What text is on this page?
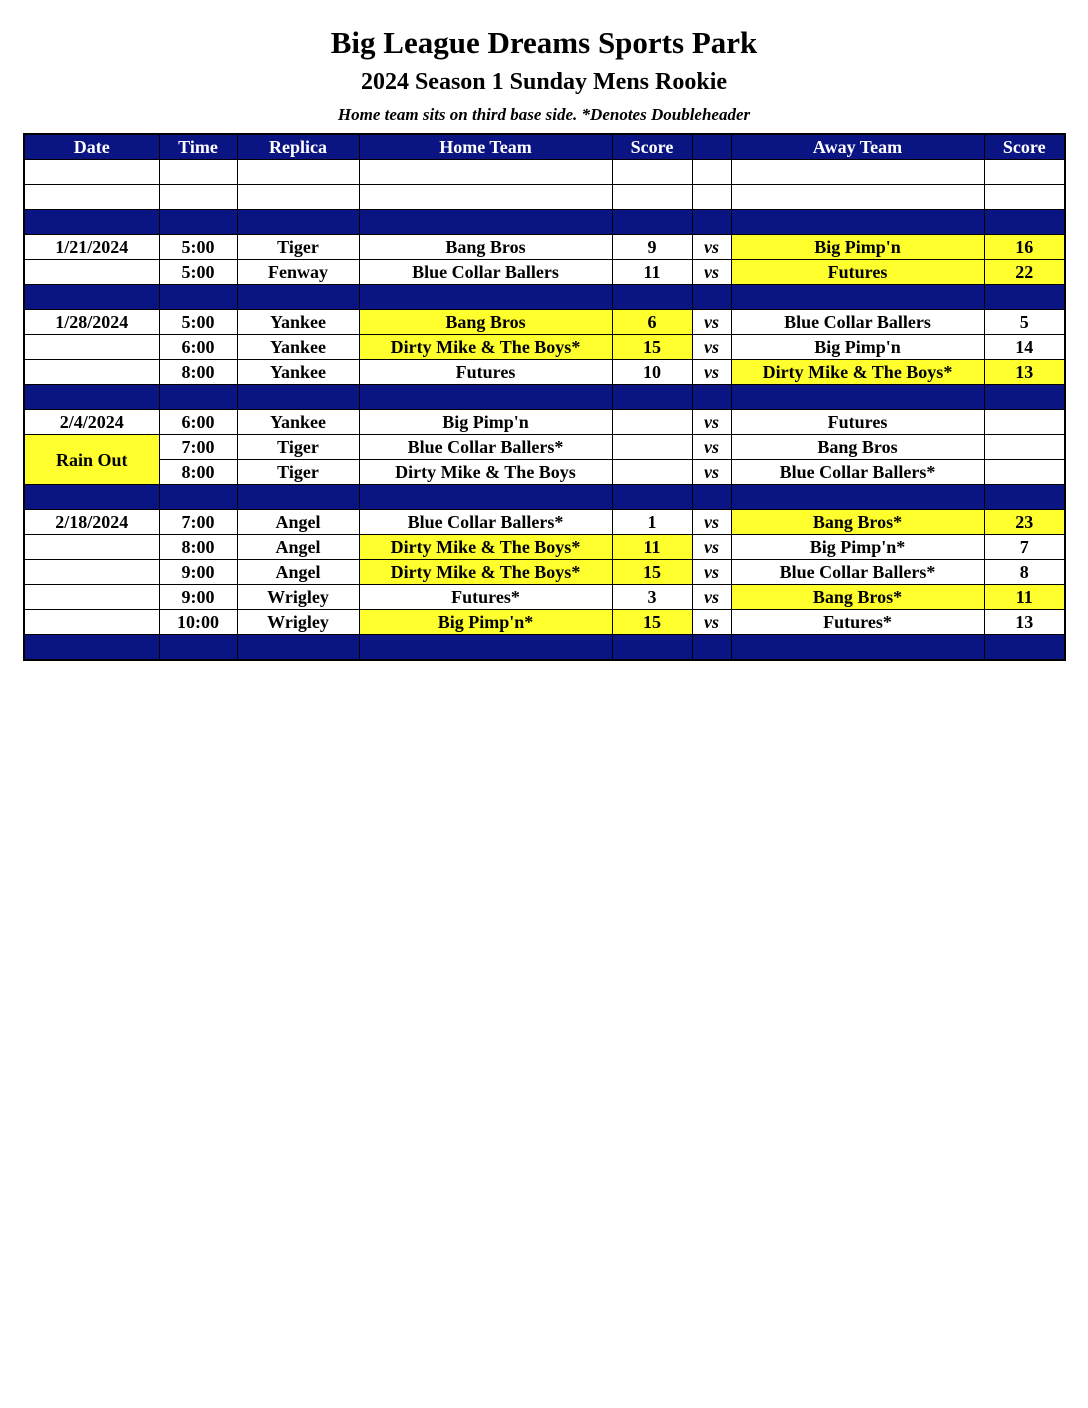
Big League Dreams Sports Park
2024 Season 1 Sunday Mens Rookie
Home team sits on third base side. *Denotes Doubleheader
Date	Time	Replica	Home Team	Score		Away Team	Score

1/21/2024	5:00	Tiger	Bang Bros	9	vs	Big Pimp'n	16
	5:00	Fenway	Blue Collar Ballers	11	vs	Futures	22

1/28/2024	5:00	Yankee	Bang Bros	6	vs	Blue Collar Ballers	5
	6:00	Yankee	Dirty Mike & The Boys*	15	vs	Big Pimp'n	14
	8:00	Yankee	Futures	10	vs	Dirty Mike & The Boys*	13

2/4/2024	6:00	Yankee	Big Pimp'n		vs	Futures	
Rain Out	7:00	Tiger	Blue Collar Ballers*		vs	Bang Bros	
	8:00	Tiger	Dirty Mike & The Boys		vs	Blue Collar Ballers*	

2/18/2024	7:00	Angel	Blue Collar Ballers*	1	vs	Bang Bros*	23
	8:00	Angel	Dirty Mike & The Boys*	11	vs	Big Pimp'n*	7
	9:00	Angel	Dirty Mike & The Boys*	15	vs	Blue Collar Ballers*	8
	9:00	Wrigley	Futures*	3	vs	Bang Bros*	11
	10:00	Wrigley	Big Pimp'n*	15	vs	Futures*	13
